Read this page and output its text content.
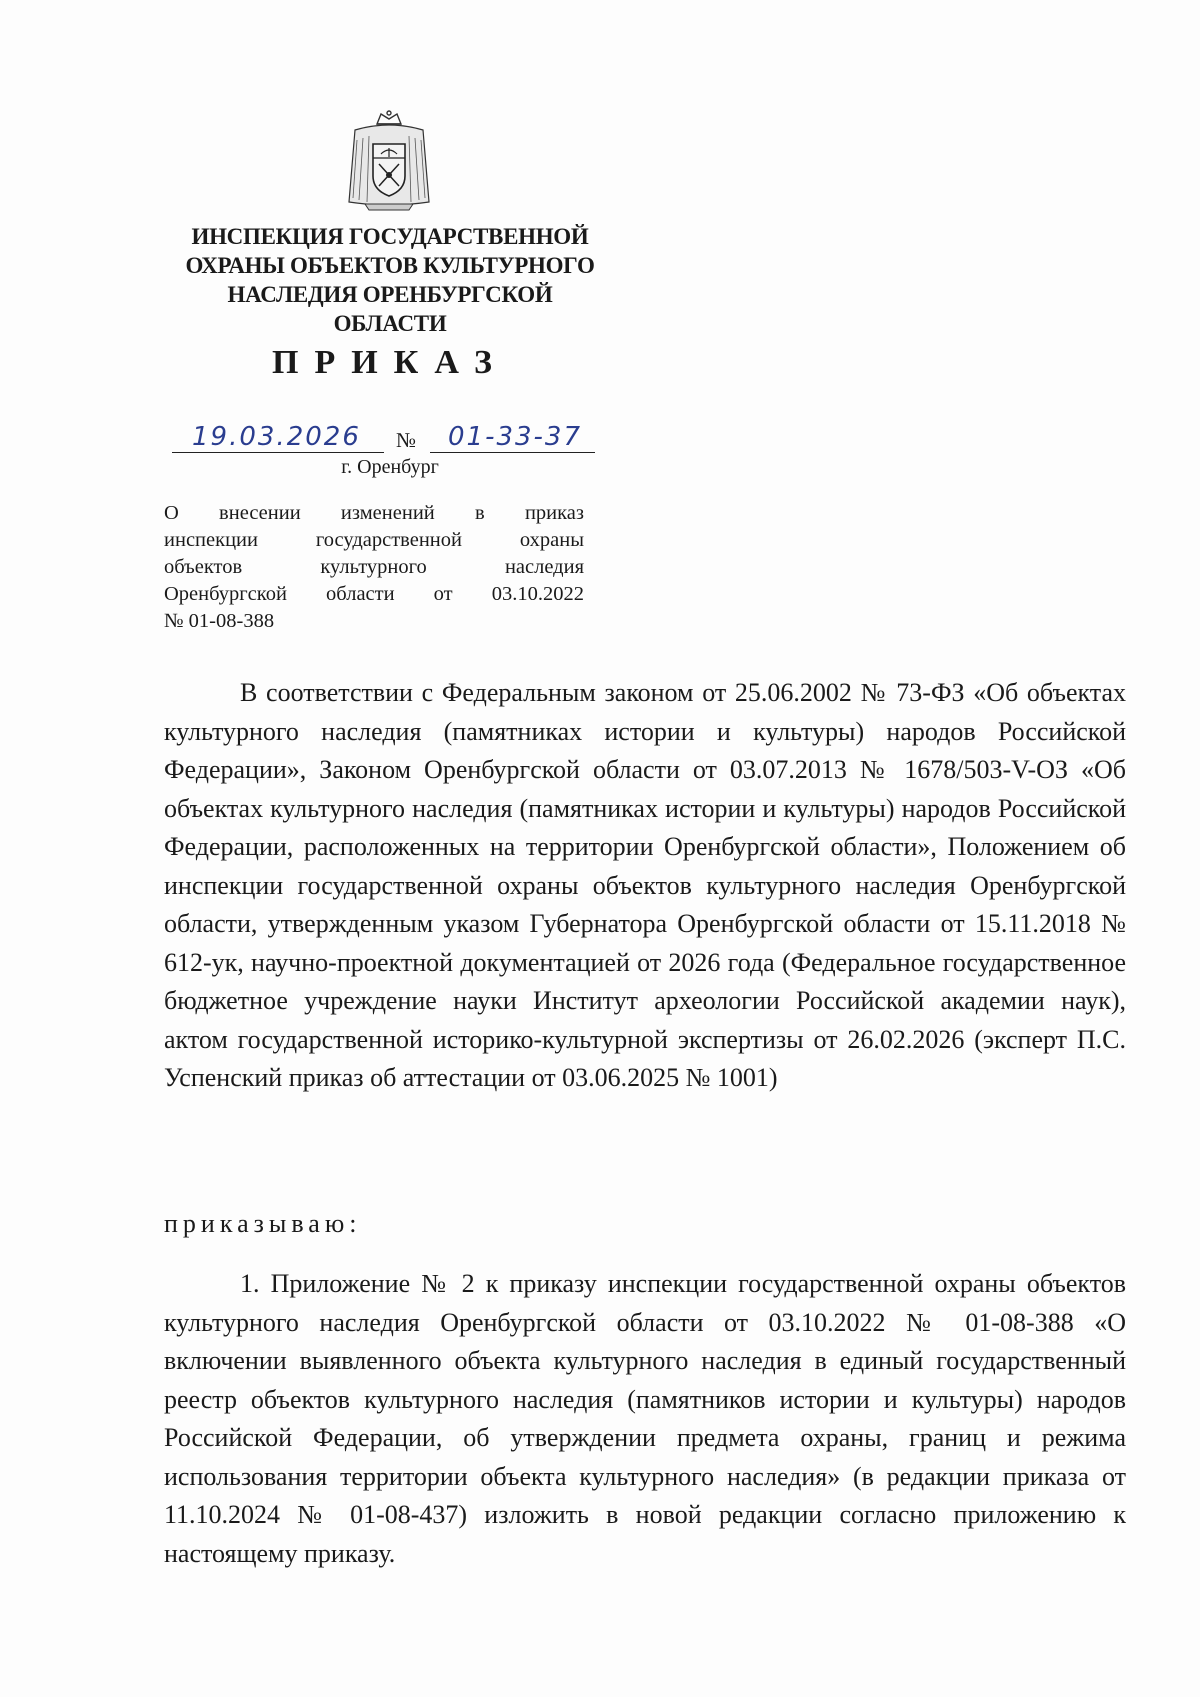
ИНСПЕКЦИЯ ГОСУДАРСТВЕННОЙ
ОХРАНЫ ОБЪЕКТОВ КУЛЬТУРНОГО
НАСЛЕДИЯ ОРЕНБУРГСКОЙ
ОБЛАСТИ
ПРИКАЗ
19.03.2026 № 01-33-37
г. Оренбург
О внесении изменений в приказ
инспекции государственной охраны
объектов культурного наследия
Оренбургской области от 03.10.2022
№ 01-08-388
В соответствии с Федеральным законом от 25.06.2002 № 73-ФЗ «Об объектах культурного наследия (памятниках истории и культуры) народов Российской Федерации», Законом Оренбургской области от 03.07.2013 № 1678/503-V-ОЗ «Об объектах культурного наследия (памятниках истории и культуры) народов Российской Федерации, расположенных на территории Оренбургской области», Положением об инспекции государственной охраны объектов культурного наследия Оренбургской области, утвержденным указом Губернатора Оренбургской области от 15.11.2018 № 612-ук, научно-проектной документацией от 2026 года (Федеральное государственное бюджетное учреждение науки Институт археологии Российской академии наук), актом государственной историко-культурной экспертизы от 26.02.2026 (эксперт П.С. Успенский приказ об аттестации от 03.06.2025 № 1001)
приказываю:
1. Приложение № 2 к приказу инспекции государственной охраны объектов культурного наследия Оренбургской области от 03.10.2022 № 01-08-388 «О включении выявленного объекта культурного наследия в единый государственный реестр объектов культурного наследия (памятников истории и культуры) народов Российской Федерации, об утверждении предмета охраны, границ и режима использования территории объекта культурного наследия» (в редакции приказа от 11.10.2024 № 01-08-437) изложить в новой редакции согласно приложению к настоящему приказу.
